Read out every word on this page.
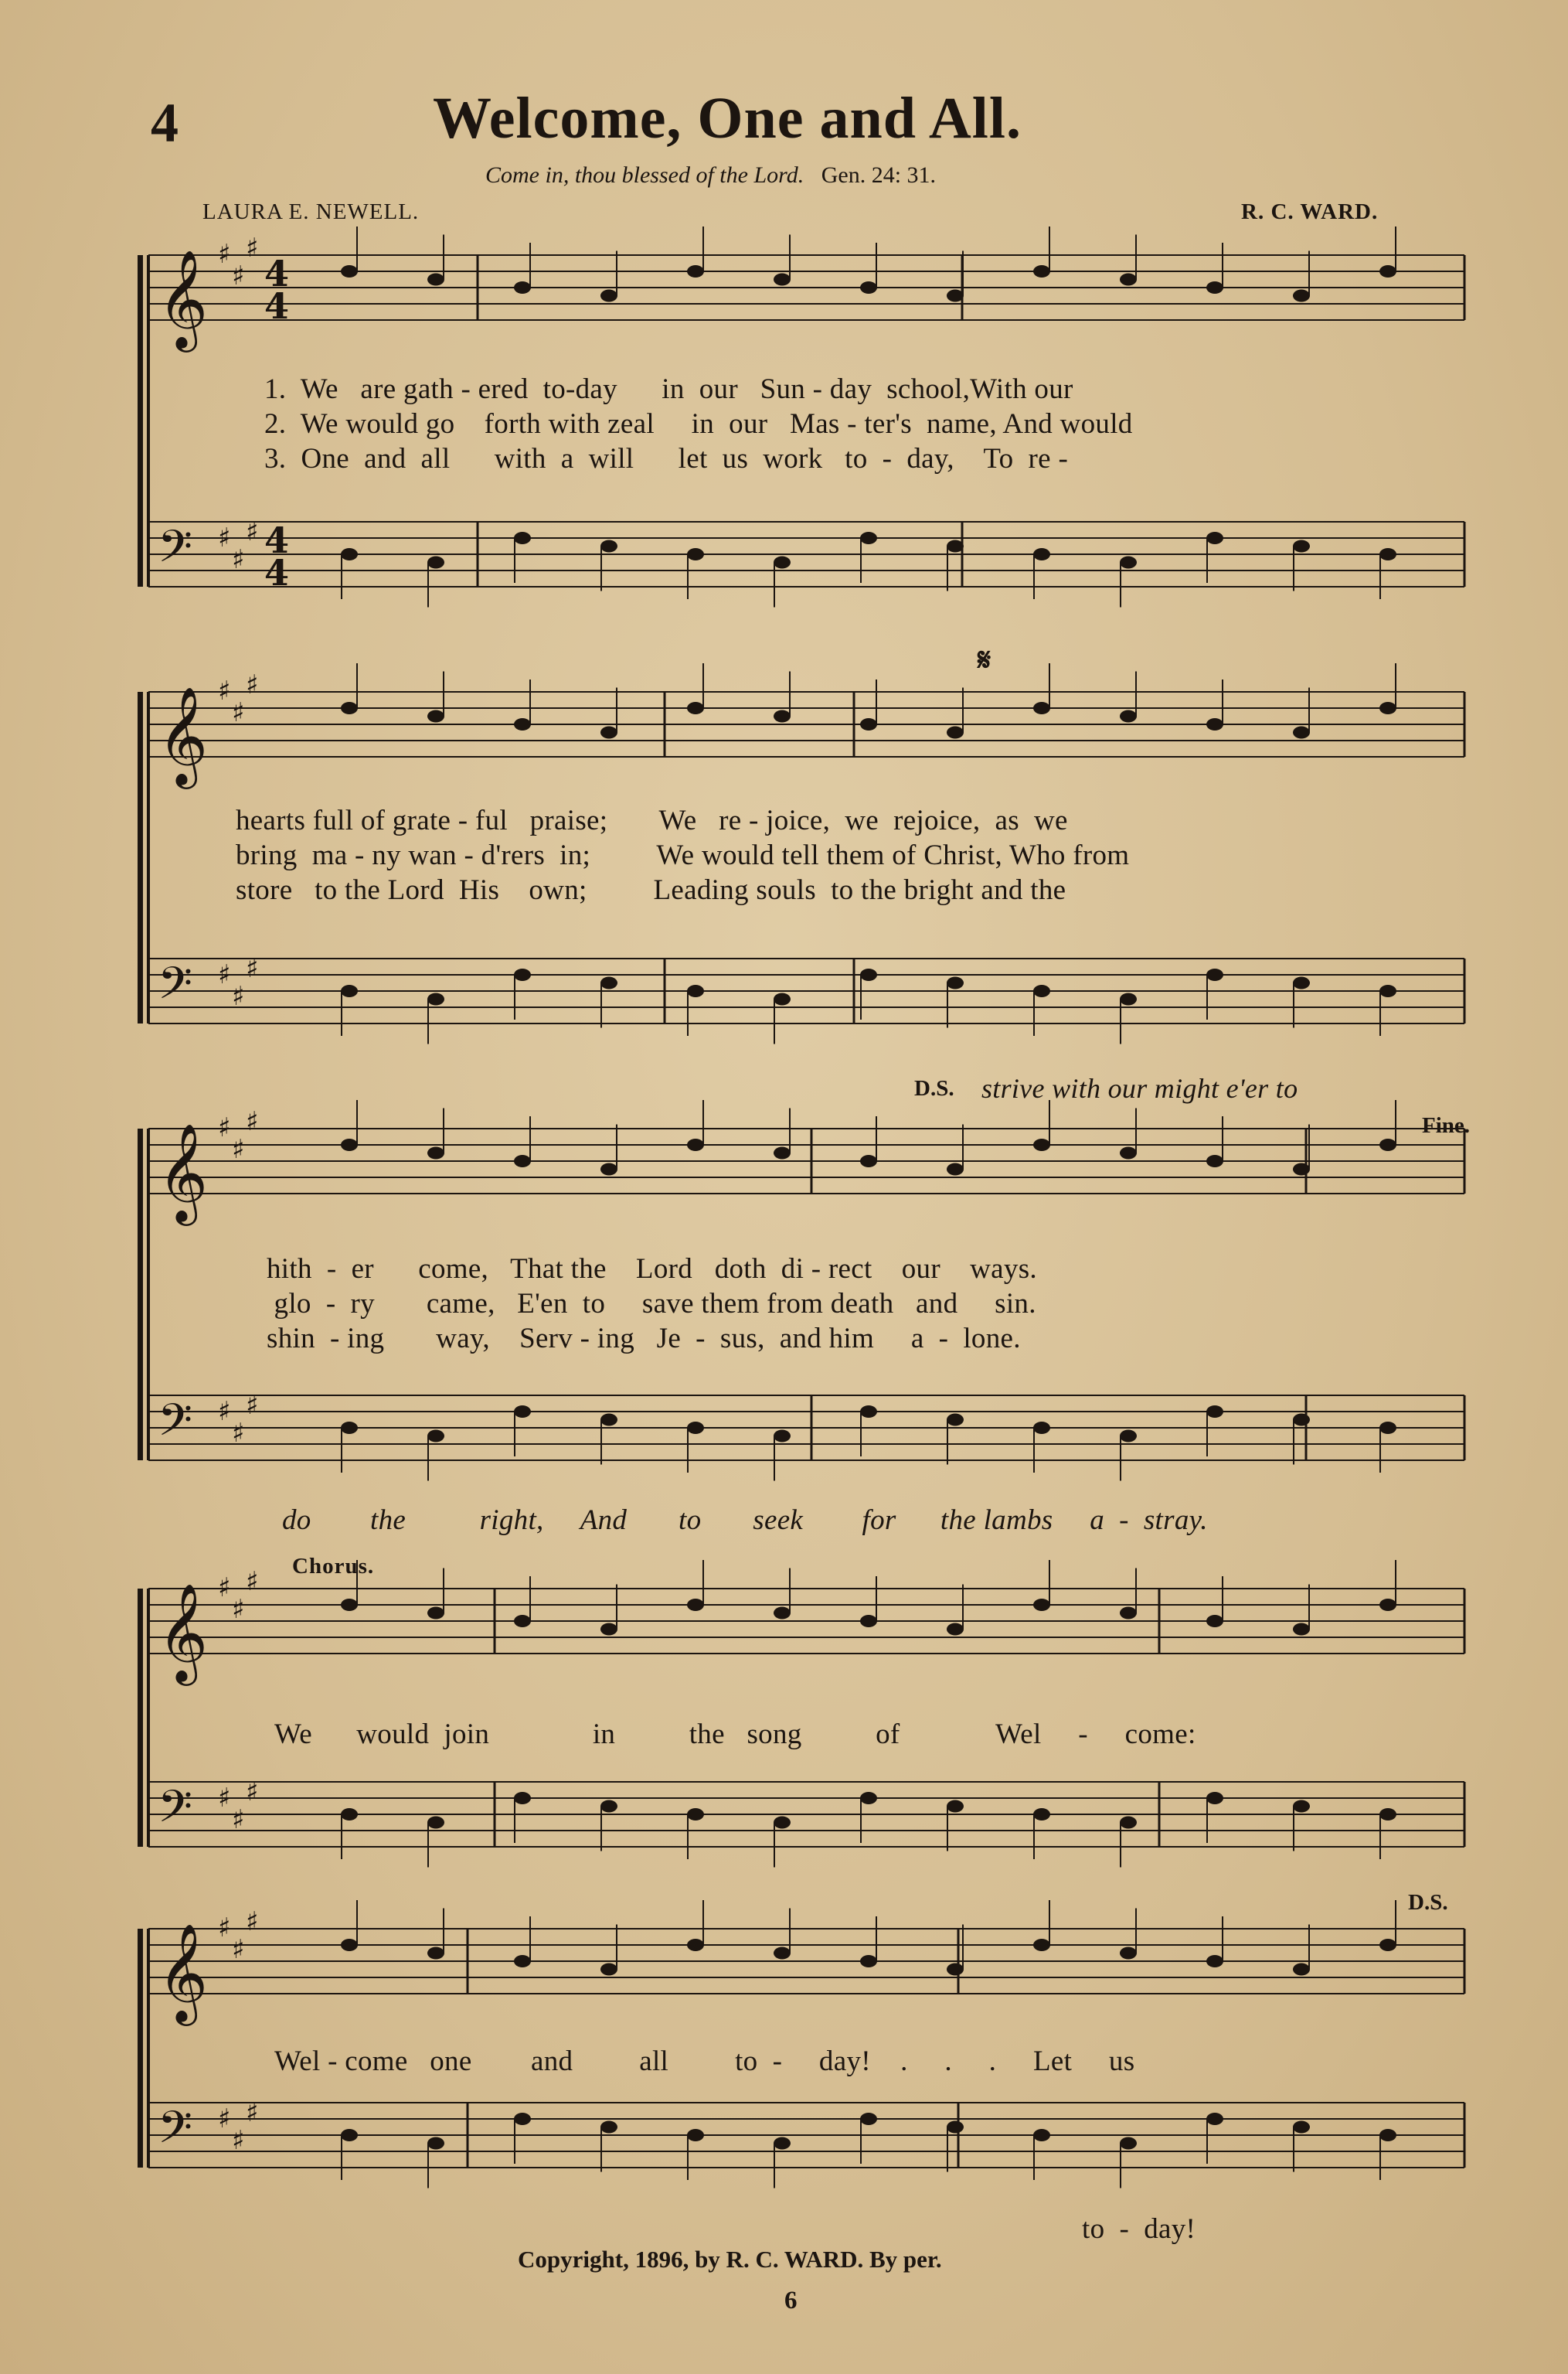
4	Welcome, One and All.
Come in, thou blessed of the Lord. Gen. 24: 31.
LAURA E. NEWELL.	R. C. WARD.
𝄞 ♯
♯
♯
𝄢 ♯
♯
♯
4
4
4
4
𝄞 ♯
♯
♯
𝄢 ♯
♯
♯
𝄞 ♯
♯
♯
𝄢 ♯
♯
♯
𝄞 ♯
♯
♯
𝄢 ♯
♯
♯
𝄞 ♯
♯
♯
𝄢 ♯
♯
♯
1.  We   are gath - ered  to-day      in  our   Sun - day  school,With our
2.  We would go    forth with zeal     in  our   Mas - ter's  name, And would
3.  One  and  all      with  a  will      let  us  work   to  -  day,    To  re -
𝄋
hearts full of grate - ful   praise;       We   re - joice,  we  rejoice,  as  we
bring  ma - ny wan - d'rers  in;         We would tell them of Christ, Who from
store   to the Lord  His    own;         Leading souls  to the bright and the
D.S. strive with our might e'er to
Fine.
hith  -  er      come,   That the    Lord   doth  di - rect    our    ways.
glo  -  ry       came,   E'en  to     save them from death   and     sin.
shin  - ing       way,    Serv - ing   Je  -  sus,  and him     a  -  lone.
do        the          right,     And       to       seek        for      the lambs     a  -  stray.
Chorus.
We      would  join              in          the   song          of             Wel     -     come:
D.S.
Wel - come   one        and         all         to  -     day!    .     .     .     Let     us
to  -  day!
Copyright, 1896, by R. C. WARD. By per.
6
